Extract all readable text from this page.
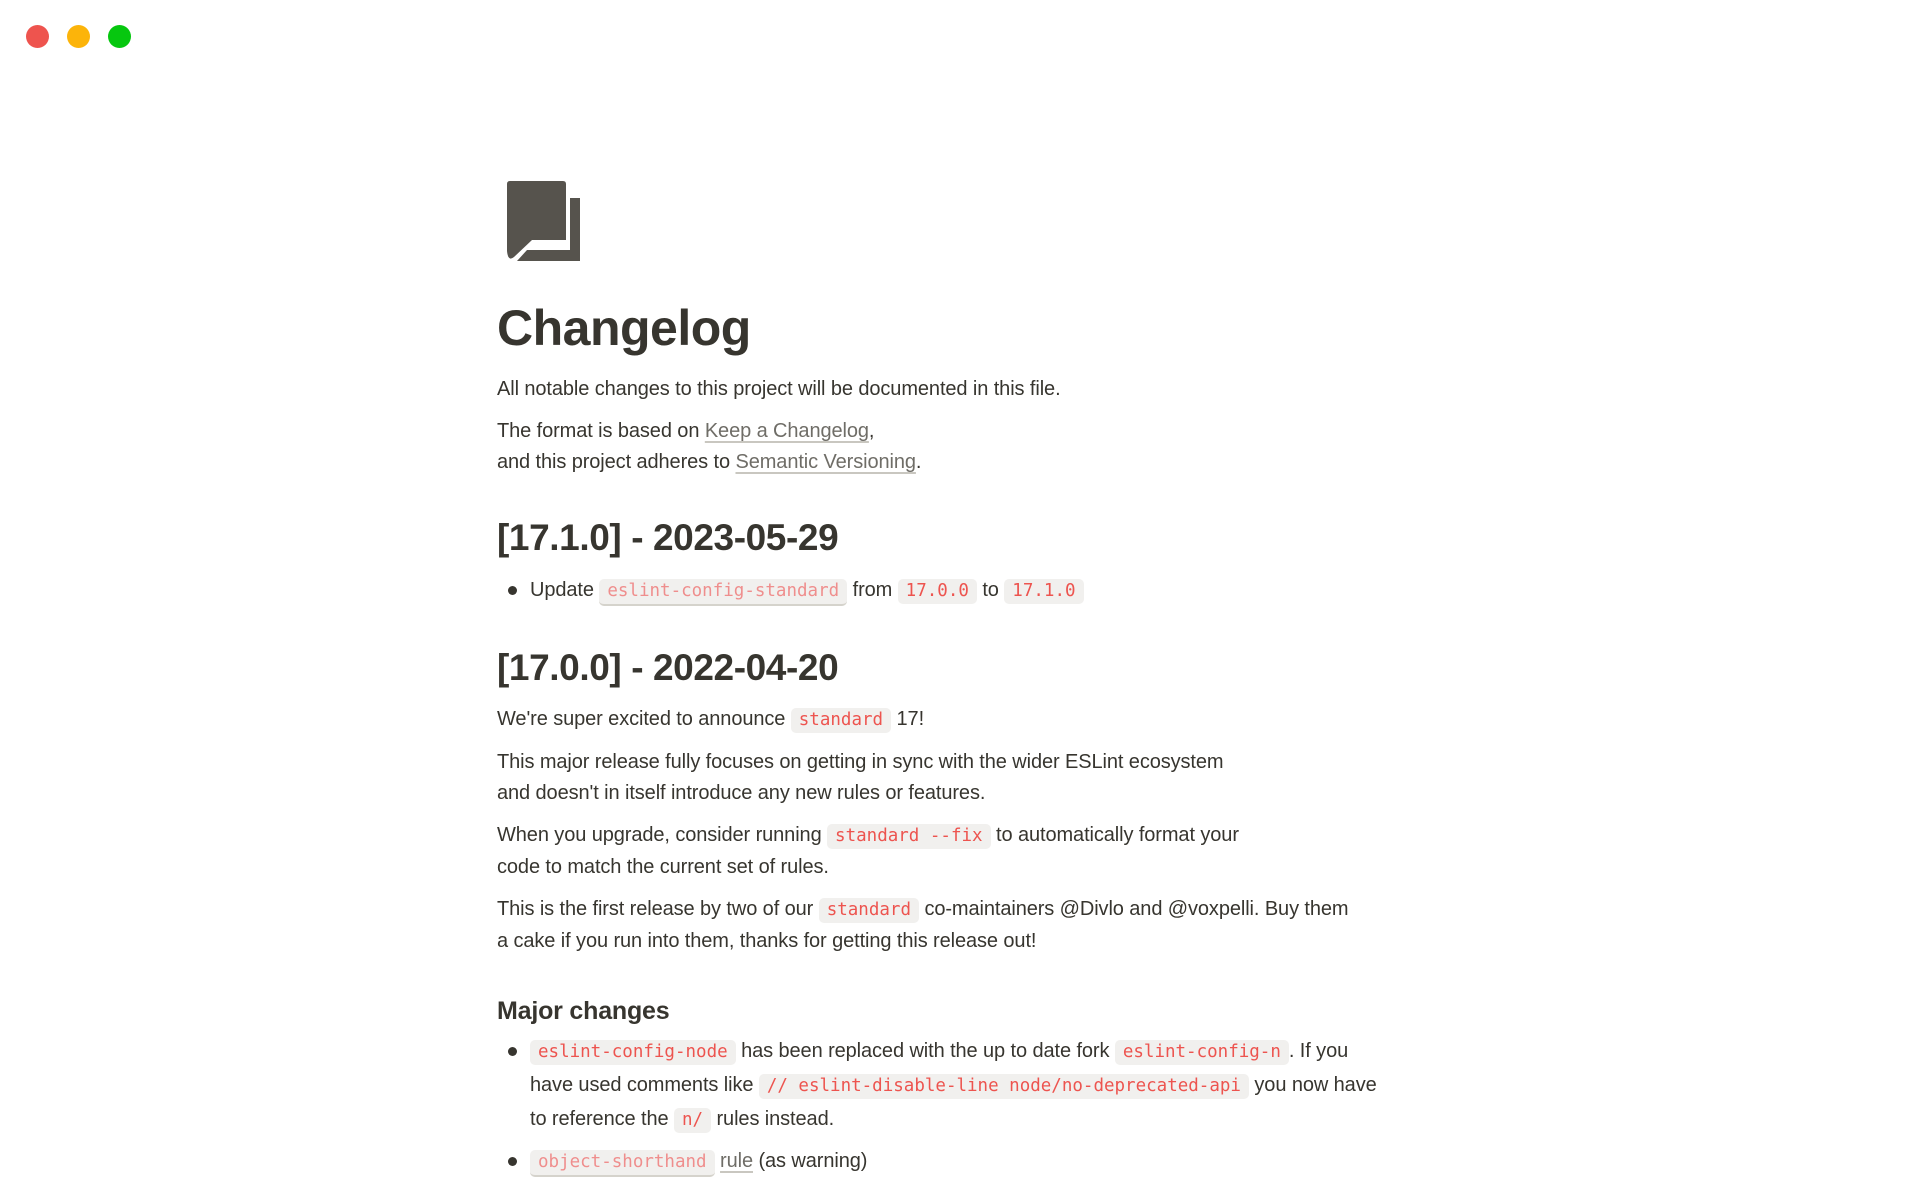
Changelog

All notable changes to this project will be documented in this file.

The format is based on Keep a Changelog,
and this project adheres to Semantic Versioning.

[17.1.0] - 2023-05-29
Update eslint-config-standard from 17.0.0 to 17.1.0
[17.0.0] - 2022-04-20

We're super excited to announce standard 17!

This major release fully focuses on getting in sync with the wider ESLint ecosystem
and doesn't in itself introduce any new rules or features.

When you upgrade, consider running standard --fix to automatically format your
code to match the current set of rules.

This is the first release by two of our standard co-maintainers @Divlo and @voxpelli. Buy them
a cake if you run into them, thanks for getting this release out!

Major changes
eslint-config-node has been replaced with the up to date fork eslint-config-n . If you
have used comments like // eslint-disable-line node/no-deprecated-api you now have
to reference the n/ rules instead.
object-shorthand rule (as warning)
